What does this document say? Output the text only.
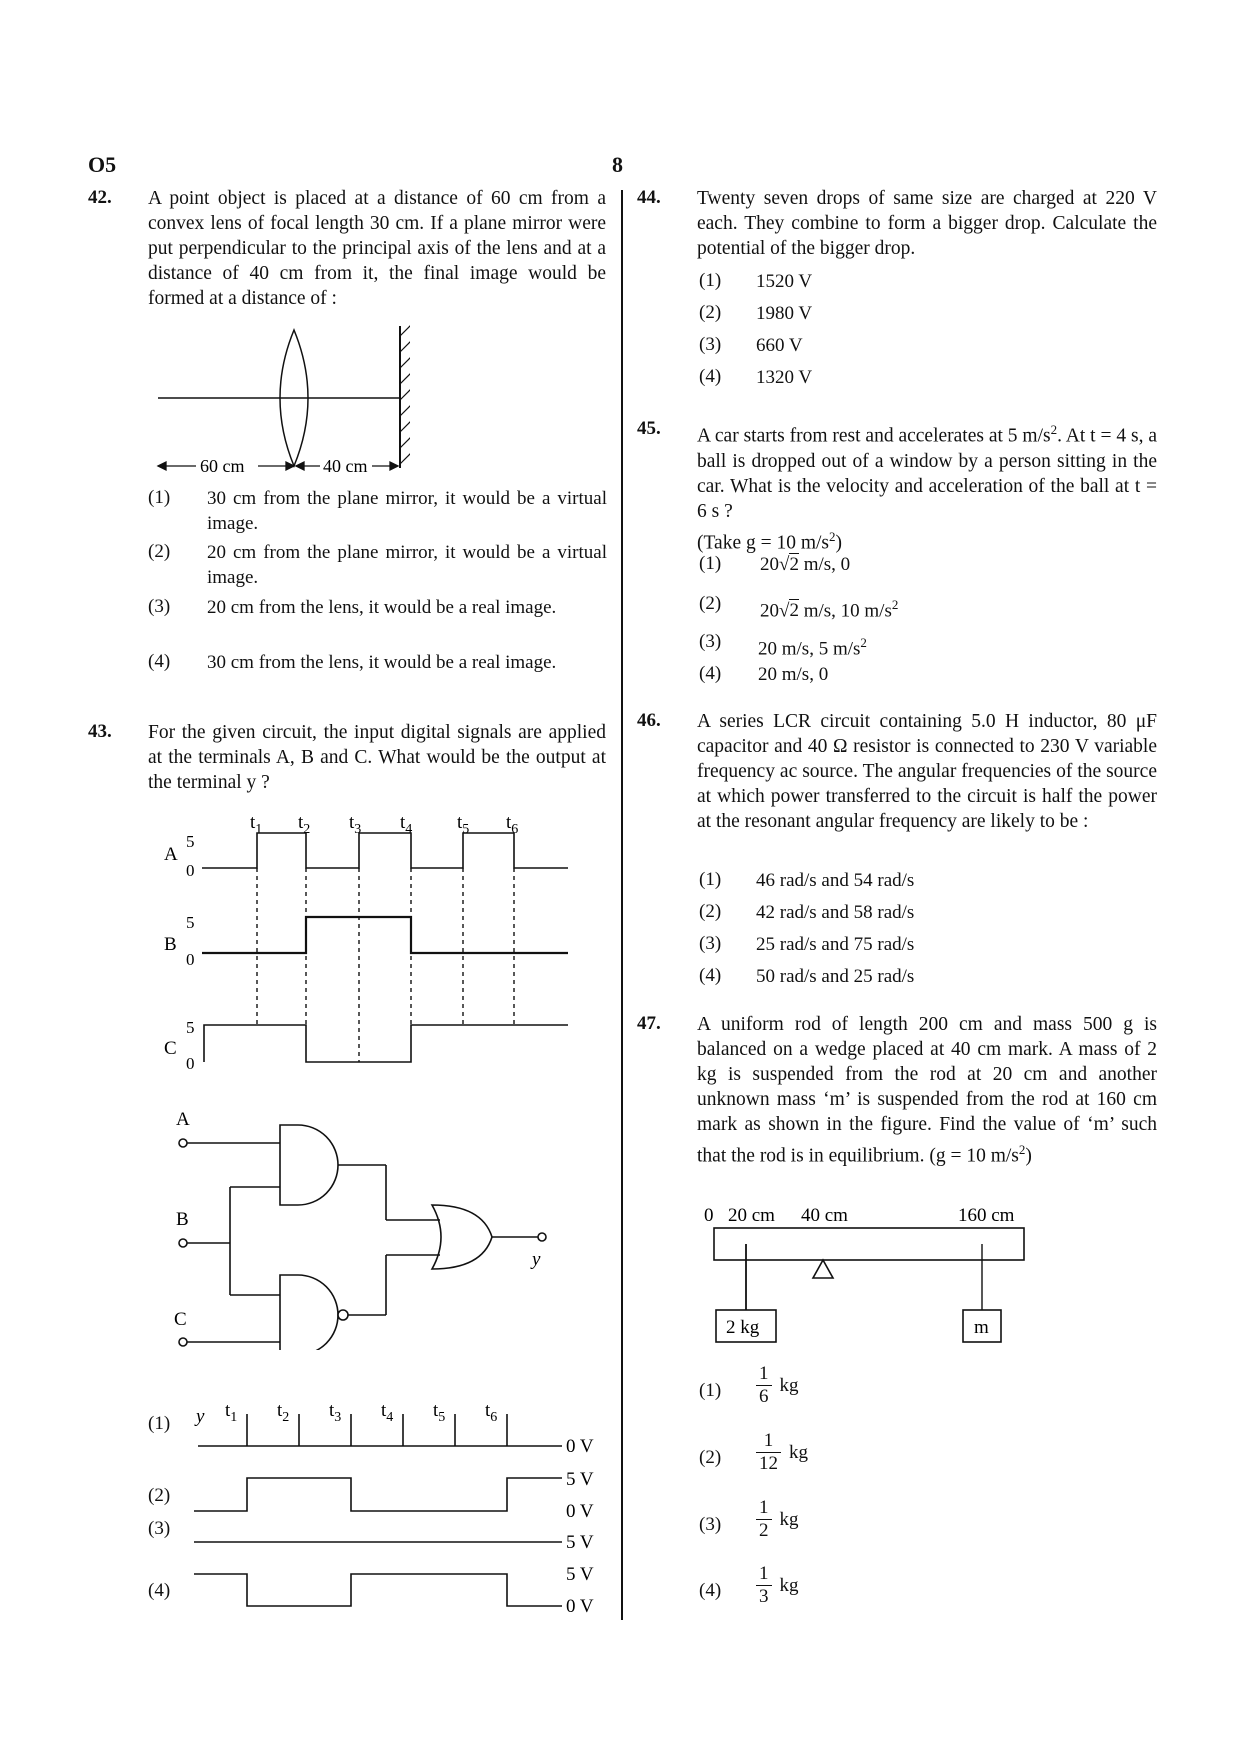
O5	8
42. A point object is placed at a distance of 60 cm from a convex lens of focal length 30 cm. If a plane mirror were put perpendicular to the principal axis of the lens and at a distance of 40 cm from it, the final image would be formed at a distance of :
60 cm	40 cm
(1) 30 cm from the plane mirror, it would be a virtual image.
(2) 20 cm from the plane mirror, it would be a virtual image.
(3) 20 cm from the lens, it would be a real image.
(4) 30 cm from the lens, it would be a real image.
43. For the given circuit, the input digital signals are applied at the terminals A, B and C. What would be the output at the terminal y ?
$t_1$ $t_2$ $t_3$ $t_4$ $t_5$ $t_6$
A
5
0
B
5
0
C
5
0
A
B
C
y
(1)
(2)
(3)
(4)
$t_1$ $t_2$ $t_3$ $t_4$ $t_5$ $t_6$
y
0 V
5 V
0 V
5 V
5 V
0 V
44. Twenty seven drops of same size are charged at 220 V each. They combine to form a bigger drop. Calculate the potential of the bigger drop.
(1) 1520 V
(2) 1980 V
(3) 660 V
(4) 1320 V
45. A car starts from rest and accelerates at 5 $m/s^2$. At t = 4 s, a ball is dropped out of a window by a person sitting in the car. What is the velocity and acceleration of the ball at t = 6 s ?
(Take g = 10 $m/s^2$)
(1) 20√2 m/s, 0
(2) 20√2 m/s, 10 $m/s^2$
(3) 20 m/s, 5 $m/s^2$
(4) 20 m/s, 0
46. A series LCR circuit containing 5.0 H inductor, 80 μF capacitor and 40 Ω resistor is connected to 230 V variable frequency ac source. The angular frequencies of the source at which power transferred to the circuit is half the power at the resonant angular frequency are likely to be :
(1) 46 rad/s and 54 rad/s
(2) 42 rad/s and 58 rad/s
(3) 25 rad/s and 75 rad/s
(4) 50 rad/s and 25 rad/s
47. A uniform rod of length 200 cm and mass 500 g is balanced on a wedge placed at 40 cm mark. A mass of 2 kg is suspended from the rod at 20 cm and another unknown mass ‘m’ is suspended from the rod at 160 cm mark as shown in the figure. Find the value of ‘m’ such that the rod is in equilibrium. (g = 10 $m/s^2$)
0 20 cm 40 cm	160 cm
2 kg	m
$(1) \frac{1}{6}$ kg
$(2) \frac{1}{12}$ kg
$(3) \frac{1}{2}$ kg
$(4) \frac{1}{3}$ kg
